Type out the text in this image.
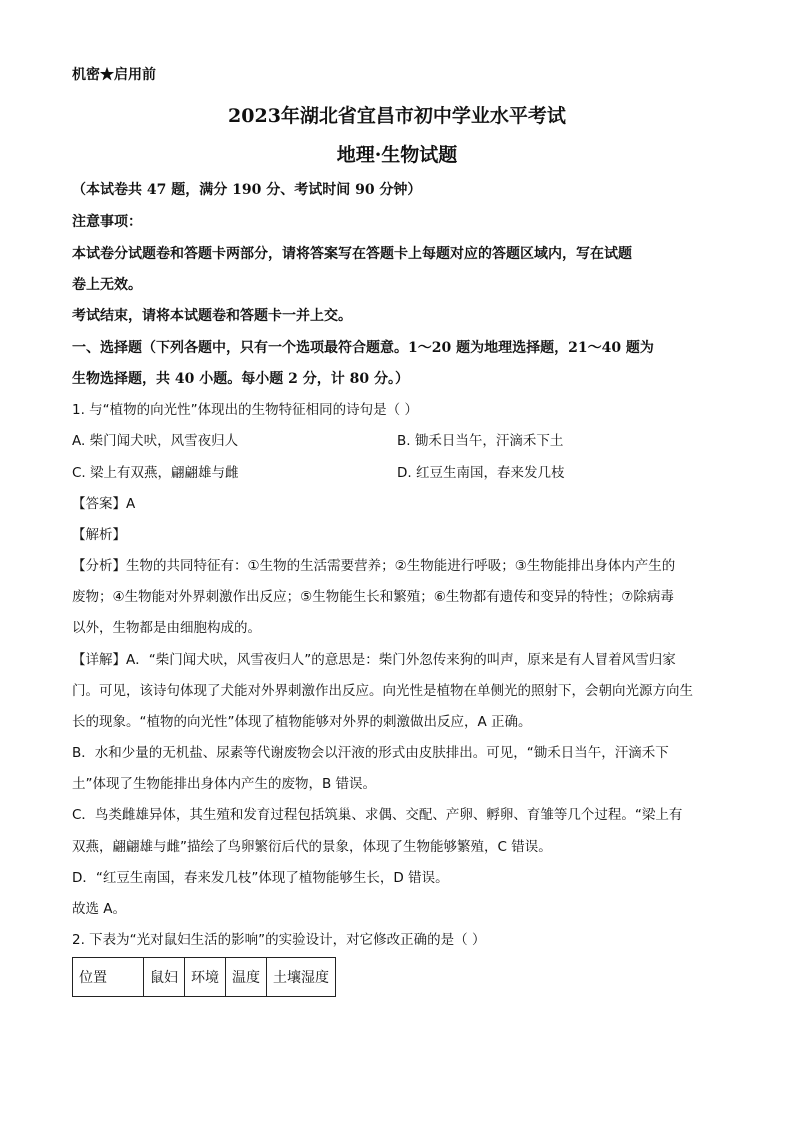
机密★启用前
2023年湖北省宜昌市初中学业水平考试
地理·生物试题
（本试卷共 47 题，满分 190 分、考试时间 90 分钟）
注意事项：
本试卷分试题卷和答题卡两部分，请将答案写在答题卡上每题对应的答题区域内，写在试题
卷上无效。
考试结束，请将本试题卷和答题卡一并上交。
一、选择题（下列各题中，只有一个选项最符合题意。1～20 题为地理选择题，21～40 题为
生物选择题，共 40 小题。每小题 2 分，计 80 分。）
1. 与“植物的向光性”体现出的生物特征相同的诗句是（ ）
A. 柴门闻犬吠，风雪夜归人	B. 锄禾日当午，汗滴禾下土
C. 梁上有双燕，翩翩雄与雌	D. 红豆生南国，春来发几枝
【答案】A
【解析】
【分析】生物的共同特征有：①生物的生活需要营养；②生物能进行呼吸；③生物能排出身体内产生的
废物；④生物能对外界刺激作出反应；⑤生物能生长和繁殖；⑥生物都有遗传和变异的特性；⑦除病毒
以外，生物都是由细胞构成的。
【详解】A．“柴门闻犬吠，风雪夜归人”的意思是：柴门外忽传来狗的叫声，原来是有人冒着风雪归家
门。可见，该诗句体现了犬能对外界刺激作出反应。向光性是植物在单侧光的照射下，会朝向光源方向生
长的现象。“植物的向光性”体现了植物能够对外界的刺激做出反应，A 正确。
B．水和少量的无机盐、尿素等代谢废物会以汗液的形式由皮肤排出。可见，“锄禾日当午，汗滴禾下
土”体现了生物能排出身体内产生的废物，B 错误。
C．鸟类雌雄异体，其生殖和发育过程包括筑巢、求偶、交配、产卵、孵卵、育雏等几个过程。“梁上有
双燕，翩翩雄与雌”描绘了鸟卵繁衍后代的景象，体现了生物能够繁殖，C 错误。
D．“红豆生南国，春来发几枝”体现了植物能够生长，D 错误。
故选 A。
2. 下表为“光对鼠妇生活的影响”的实验设计，对它修改正确的是（ ）
位置	鼠妇	环境	温度	土壤湿度
